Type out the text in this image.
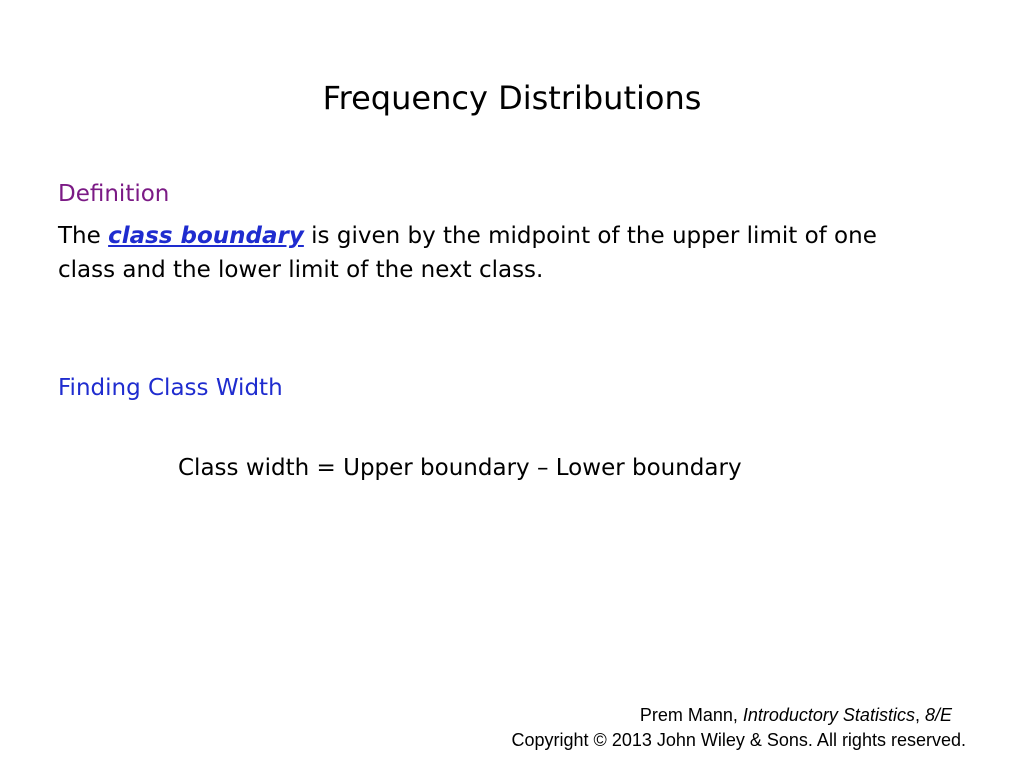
Frequency Distributions
Definition
The class boundary is given by the midpoint of the upper limit of one
class and the lower limit of the next class.
Finding Class Width
Class width = Upper boundary – Lower boundary
Prem Mann, Introductory Statistics, 8/E
Copyright © 2013 John Wiley & Sons. All rights reserved.
